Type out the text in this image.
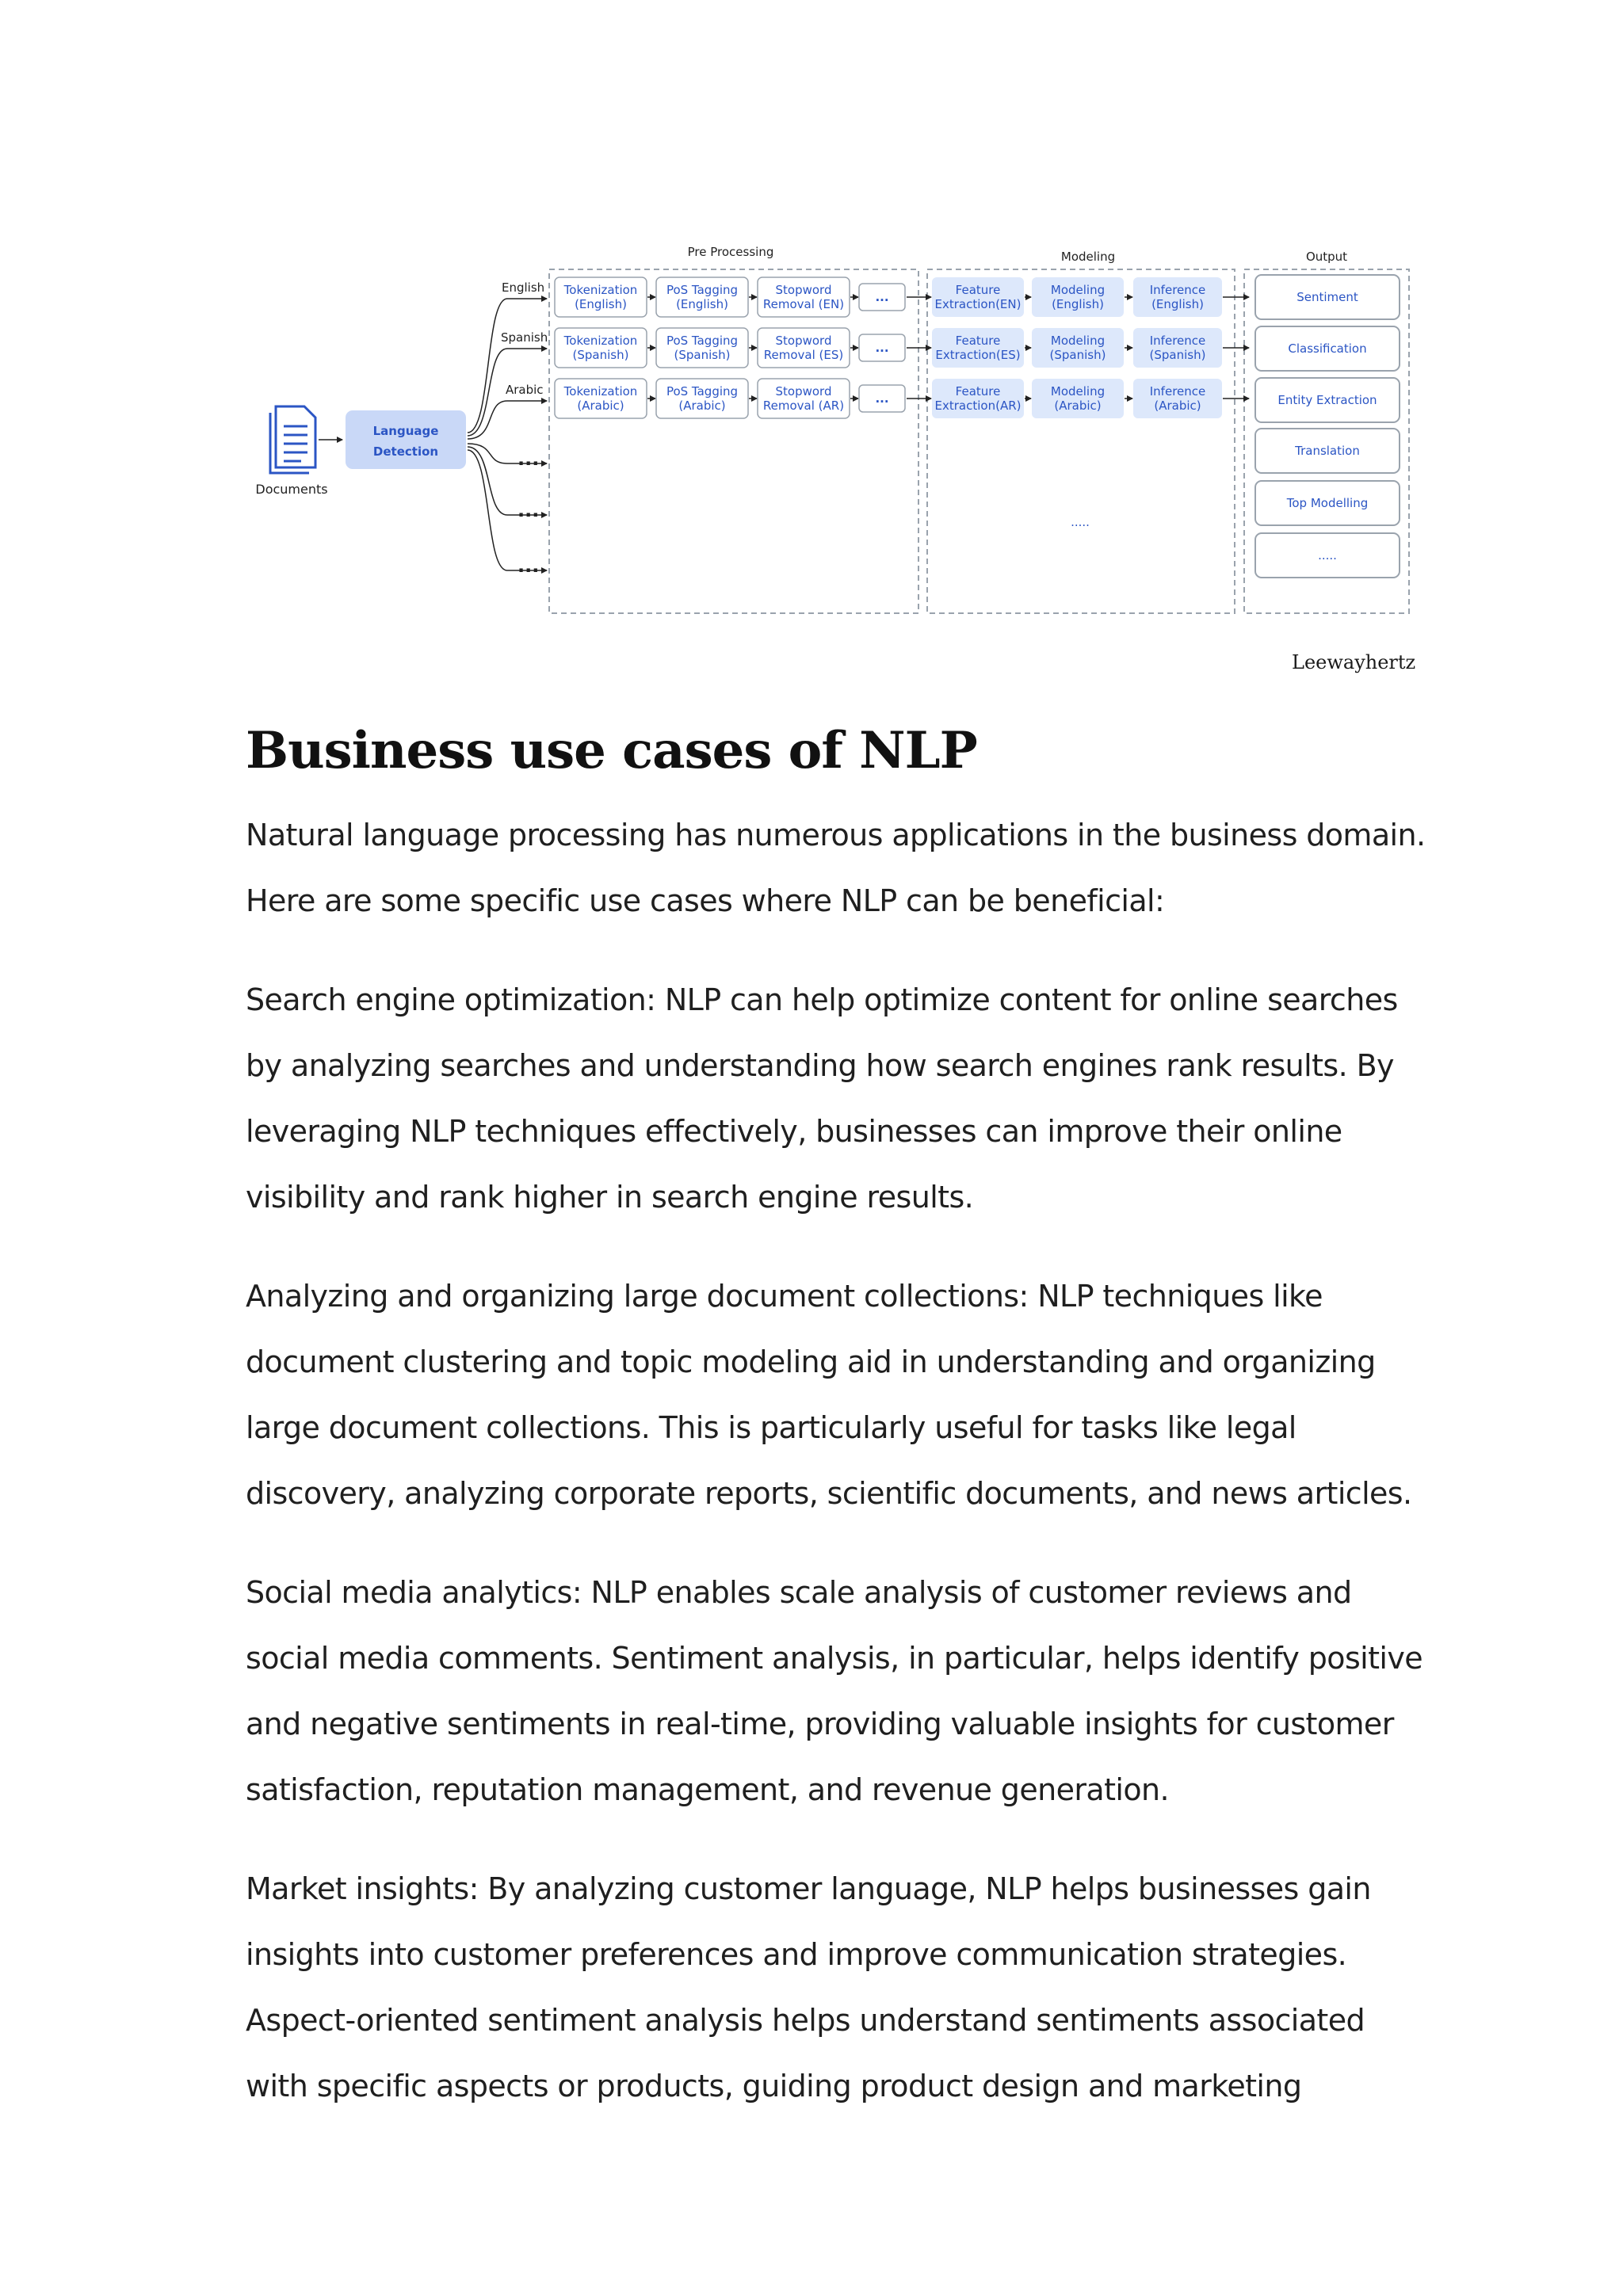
Documents
Language
Detection
English
Spanish
Arabic
...
...
...
Pre Processing	Modeling	Output
.....
Tokenization
(English)
PoS Tagging
(English)
Stopword
Removal (EN)	...	Feature
Extraction(EN)
Modeling
(English)
Inference
(English)
Tokenization
(Spanish)
PoS Tagging
(Spanish)
Stopword
Removal (ES)	...	Feature
Extraction(ES)
Modeling
(Spanish)
Inference
(Spanish)
Tokenization
(Arabic)
PoS Tagging
(Arabic)
Stopword
Removal (AR)	...	Feature
Extraction(AR)
Modeling
(Arabic)
Inference
(Arabic)
Sentiment
Classification
Entity Extraction
Translation
Top Modelling
.....
Leewayhertz
Business use cases of NLP

Natural language processing has numerous applications in the business domain. Here are some specific use cases where NLP can be beneficial:

Search engine optimization: NLP can help optimize content for online searches by analyzing searches and understanding how search engines rank results. By leveraging NLP techniques effectively, businesses can improve their online visibility and rank higher in search engine results.

Analyzing and organizing large document collections: NLP techniques like document clustering and topic modeling aid in understanding and organizing large document collections. This is particularly useful for tasks like legal discovery, analyzing corporate reports, scientific documents, and news articles.

Social media analytics: NLP enables scale analysis of customer reviews and social media comments. Sentiment analysis, in particular, helps identify positive and negative sentiments in real-time, providing valuable insights for customer satisfaction, reputation management, and revenue generation.

Market insights: By analyzing customer language, NLP helps businesses gain insights into customer preferences and improve communication strategies. Aspect-oriented sentiment analysis helps understand sentiments associated with specific aspects or products, guiding product design and marketing
